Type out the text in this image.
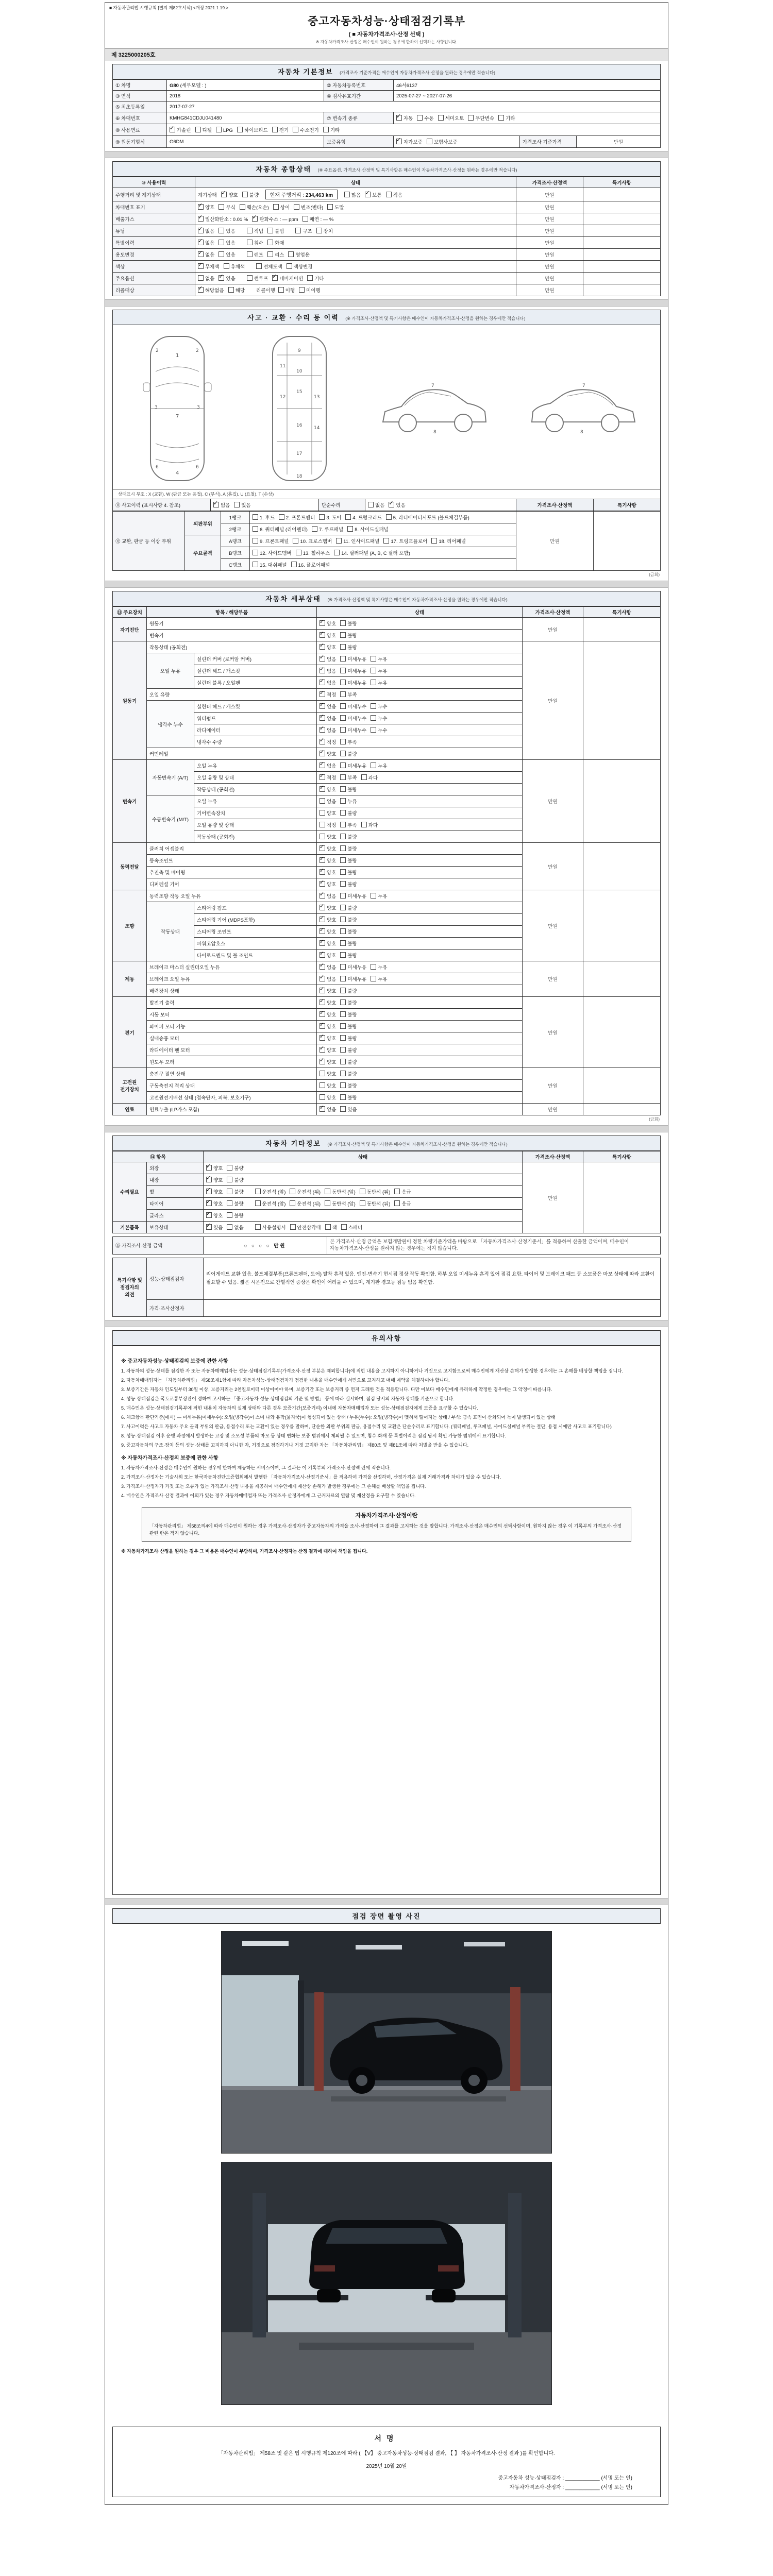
■ 자동차관리법 시행규칙 [별지 제82호서식] <개정 2021.1.19.>
중고자동차성능·상태점검기록부
( ■ 자동차가격조사·산정 선택 )
※ 자동차가격조사·산정은 매수인이 원하는 경우에 한하여 선택하는 사항입니다.
제 3225000205호
자동차 기본정보 (가격조사 기준가격은 매수인이 자동차가격조사·산정을 원하는 경우에만 적습니다)
① 차명	G80 (세부모델 : )	② 자동차등록번호	46서6137		
③ 연식	2018	④ 검사유효기간	2025-07-27 ~ 2027-07-26		
⑤ 최초등록일	2017-07-27				
⑥ 차대번호	KMHG841CDJU041480	⑦ 변속기 종류	✓자동 수동 세미오토 무단변속 기타
⑧ 사용연료	✓가솔린 디젤 LPG 하이브리드 전기 수소전기 기타
⑨ 원동기형식	G6DM	보증유형	✓자가보증 보험사보증	가격조사 기준가격	만원
자동차 종합상태 (※ 주요옵션, 가격조사·산정액 및 특기사항은 매수인이 자동차가격조사·산정을 원하는 경우에만 적습니다)
⑩ 사용이력	상태	가격조사·산정액	특기사항
주행거리 및 계기상태	계기상태 ✓ 양호 불량 현재 주행거리 : 234,463 km 많음 ✓ 보통 적음	만원	
차대번호 표기	✓양호 부식 훼손(오손) 상이 변조(변타) 도말	만원	
배출가스	✓일산화탄소 : 0.01 % ✓ 탄화수소 : ― ppm 매연 : ― %	만원	
튜닝	✓없음 있음 적법 불법 구조 장치	만원	
특별이력	✓없음 있음 침수 화재	만원	
용도변경	✓없음 있음 렌트 리스 영업용	만원	
색상	✓무채색 유채색 전체도색 색상변경	만원	
주요옵션	없음 ✓ 있음 썬루프 ✓ 네비게이션 기타	만원	
리콜대상	✓해당없음 해당 리콜이행 이행 미이행	만원	
사고 · 교환 · 수리 등 이력 (※ 가격조사·산정액 및 특기사항은 매수인이 자동차가격조사·산정을 원하는 경우에만 적습니다)
1
7
4
2	2
3	3
6	6
9
10
11
12	13
14
15
16
17
18
7
8
7
8
상태표시 부호 : X (교환), W (판금 또는 용접), C (부식), A (흠집), U (요철), T (손상)
⑪ 사고이력 (표시사항 4. 참조)	✓없음 있음	단순수리	없음 ✓ 있음	가격조사·산정액	특기사항
⑫ 교환, 판금 등 이상 부위	외판부위	1랭크	1. 후드 2. 프론트펜더 3. 도어 4. 트렁크리드 5. 라디에이터서포트 (볼트체결부품)	만원	
		2랭크	6. 쿼터패널 (리어펜더) 7. 루프패널 8. 사이드실패널		
	주요골격	A랭크	9. 프론트패널 10. 크로스멤버 11. 인사이드패널 17. 트렁크플로어 18. 리어패널		
		B랭크	12. 사이드멤버 13. 휠하우스 14. 필러패널 (A, B, C 필러 포함)		
		C랭크	15. 대쉬패널 16. 플로어패널		
(금회)
자동차 세부상태 (※ 가격조사·산정액 및 특기사항은 매수인이 자동차가격조사·산정을 원하는 경우에만 적습니다)
⑬ 주요장치	항목 / 해당부품		상태	가격조사·산정액	특기사항
자기진단	원동기	✓양호 불량	만원	
	변속기	✓양호 불량
원동기	작동상태 (공회전)	✓양호 불량	만원	
	오일 누유	실린더 커버 (로커암 커버)	✓없음 미세누유 누유
		실린더 헤드 / 개스킷	✓없음 미세누유 누유
		실린더 블록 / 오일팬	✓없음 미세누유 누유
	오일 유량	✓적정 부족
	냉각수 누수	실린더 헤드 / 개스킷	✓없음 미세누수 누수
		워터펌프	✓없음 미세누수 누수
		라디에이터	✓없음 미세누수 누수
		냉각수 수량	✓적정 부족
	커먼레일	✓양호 불량
변속기	자동변속기 (A/T)	오일 누유	✓없음 미세누유 누유	만원	
		오일 유량 및 상태	✓적정 부족 과다
		작동상태 (공회전)	✓양호 불량
	수동변속기 (M/T)	오일 누유	없음 누유		
		기어변속장치	양호 불량		
		오일 유량 및 상태	적정 부족 과다		
		작동상태 (공회전)	양호 불량		
동력전달	클러치 어셈블리	✓양호 불량	만원	
	등속조인트	✓양호 불량
	추진축 및 베어링	✓양호 불량
	디퍼렌셜 기어	✓양호 불량
조향	동력조향 작동 오일 누유	✓없음 미세누유 누유	만원	
	작동상태	스티어링 펌프	✓양호 불량
		스티어링 기어 (MDPS포함)	✓양호 불량
		스티어링 조인트	✓양호 불량
		파워고압호스	✓양호 불량
		타이로드엔드 및 볼 조인트	✓양호 불량
제동	브레이크 마스터 실린더오일 누유	✓없음 미세누유 누유	만원	
	브레이크 오일 누유	✓없음 미세누유 누유
	배력장치 상태	✓양호 불량
전기	발전기 출력	✓양호 불량	만원	
	시동 모터	✓양호 불량
	와이퍼 모터 기능	✓양호 불량
	실내송풍 모터	✓양호 불량
	라디에이터 팬 모터	✓양호 불량
	윈도우 모터	✓양호 불량
고전원 전기장치	충전구 절연 상태		양호 불량	만원	
	구동축전지 격리 상태		양호 불량		
	고전원전기배선 상태 (접속단자, 피복, 보호기구)		양호 불량		
연료	연료누출 (LP가스 포함)	✓없음 있음	만원	
(금회)
자동차 기타정보 (※ 가격조사·산정액 및 특기사항은 매수인이 자동차가격조사·산정을 원하는 경우에만 적습니다)
⑭ 항목		상태	가격조사·산정액	특기사항
수리필요	외장	✓양호 불량	만원	
	내장	✓양호 불량
	휠	✓양호 불량 운전석 (앞) 운전석 (뒤) 동반석 (앞) 동반석 (뒤) 응급
	타이어	✓양호 불량 운전석 (앞) 운전석 (뒤) 동반석 (앞) 동반석 (뒤) 응급
	글라스	✓양호 불량
기본품목	보유상태	✓있음 없음 사용설명서 안전삼각대 잭 스패너
⑮ 가격조사·산정 금액	○ ○ ○ ○ 만원	본 가격조사·산정 금액은 보험개발원이 정한 차량기준가액을 바탕으로 「자동차가격조사·산정기준서」를 적용하여 산출한 금액이며, 매수인이 자동차가격조사·산정을 원하지 않는 경우에는 적지 않습니다.
특기사항 및 점검자의 의견	성능·상태점검자	리어게이트 교환 있음. 볼트체결부품(프론트펜더, 도어) 탈착 흔적 있음. 엔진·변속기 현시점 정상 작동 확인함. 하부 오일 미세누유 흔적 있어 점검 요함. 타이어 및 브레이크 패드 등 소모품은 마모 상태에 따라 교환이 필요할 수 있음. 짧은 시운전으로 간헐적인 증상은 확인이 어려울 수 있으며, 계기판 경고등 점등 없음 확인함.
	가격·조사산정자	
유의사항
※ 중고자동차성능·상태점검의 보증에 관한 사항
1. 자동차의 성능·상태를 점검한 자 또는 자동차매매업자는 성능·상태점검기록부(가격조사·산정 부분은 제외합니다)에 적힌 내용을 고지하지 아니하거나 거짓으로 고지함으로써 매수인에게 재산상 손해가 발생한 경우에는 그 손해를 배상할 책임을 집니다.
2. 자동차매매업자는 「자동차관리법」 제58조제1항에 따라 자동차성능·상태점검자가 점검한 내용을 매수인에게 서면으로 고지하고 매매 계약을 체결하여야 합니다.
3. 보증기간은 자동차 인도일부터 30일 이상, 보증거리는 2천킬로미터 이상이어야 하며, 보증기간 또는 보증거리 중 먼저 도래한 것을 적용합니다. 다만 이보다 매수인에게 유리하게 약정한 경우에는 그 약정에 따릅니다.
4. 성능·상태점검은 국토교통부장관이 정하여 고시하는 「중고자동차 성능·상태점검의 기준 및 방법」 등에 따라 실시하며, 점검 당시의 자동차 상태를 기준으로 합니다.
5. 매수인은 성능·상태점검기록부에 적힌 내용이 자동차의 실제 상태와 다른 경우 보증기간(보증거리) 이내에 자동차매매업자 또는 성능·상태점검자에게 보증을 요구할 수 있습니다.
6. 체크항목 판단기준(예시) ― 미세누유(미세누수): 오일(냉각수)이 스며 나와 유막(물자국)이 형성되어 있는 상태 / 누유(누수): 오일(냉각수)이 맺혀서 떨어지는 상태 / 부식: 금속 표면이 산화되어 녹이 발생되어 있는 상태
7. 사고이력은 사고로 자동차 주요 골격 부위의 판금, 용접수리 또는 교환이 있는 경우를 말하며, 단순한 외판 부위의 판금, 용접수리 및 교환은 단순수리로 표기합니다. (쿼터패널, 루프패널, 사이드실패널 부위는 절단, 용접 시에만 사고로 표기합니다)
8. 성능·상태점검 이후 운행 과정에서 발생하는 고장 및 소모성 부품의 마모 등 상태 변화는 보증 범위에서 제외될 수 있으며, 침수·화재 등 특별이력은 점검 당시 확인 가능한 범위에서 표기합니다.
9. 중고자동차의 구조·장치 등의 성능·상태를 고지하지 아니한 자, 거짓으로 점검하거나 거짓 고지한 자는 「자동차관리법」 제80조 및 제81조에 따라 처벌을 받을 수 있습니다.
※ 자동차가격조사·산정의 보증에 관한 사항
1. 자동차가격조사·산정은 매수인이 원하는 경우에 한하여 제공하는 서비스이며, 그 결과는 이 기록부의 가격조사·산정액 란에 적습니다.
2. 가격조사·산정자는 기술사회 또는 한국자동차진단보증협회에서 발행한 「자동차가격조사·산정기준서」를 적용하여 가격을 산정하며, 산정가격은 실제 거래가격과 차이가 있을 수 있습니다.
3. 가격조사·산정자가 거짓 또는 오류가 있는 가격조사·산정 내용을 제공하여 매수인에게 재산상 손해가 발생한 경우에는 그 손해를 배상할 책임을 집니다.
4. 매수인은 가격조사·산정 결과에 이의가 있는 경우 자동차매매업자 또는 가격조사·산정자에게 그 근거자료의 열람 및 재산정을 요구할 수 있습니다.
자동차가격조사·산정이란
「자동차관리법」 제58조의4에 따라 매수인이 원하는 경우 가격조사·산정자가 중고자동차의 가격을 조사·산정하여 그 결과를 고지하는 것을 말합니다. 가격조사·산정은 매수인의 선택사항이며, 원하지 않는 경우 이 기록부의 가격조사·산정 관련 란은 적지 않습니다.
※ 자동차가격조사·산정을 원하는 경우 그 비용은 매수인이 부담하며, 가격조사·산정자는 산정 결과에 대하여 책임을 집니다.
점검 장면 촬영 사진
서명
「자동차관리법」 제58조 및 같은 법 시행규칙 제120조에 따라 ( 【V】 중고자동차성능·상태점검 결과, 【 】 자동차가격조사·산정 결과 )를 확인합니다.
2025년 10월 20일
중고자동차 성능·상태점검자 : ____________ (서명 또는 인)
자동차가격조사·산정자 : ____________ (서명 또는 인)
